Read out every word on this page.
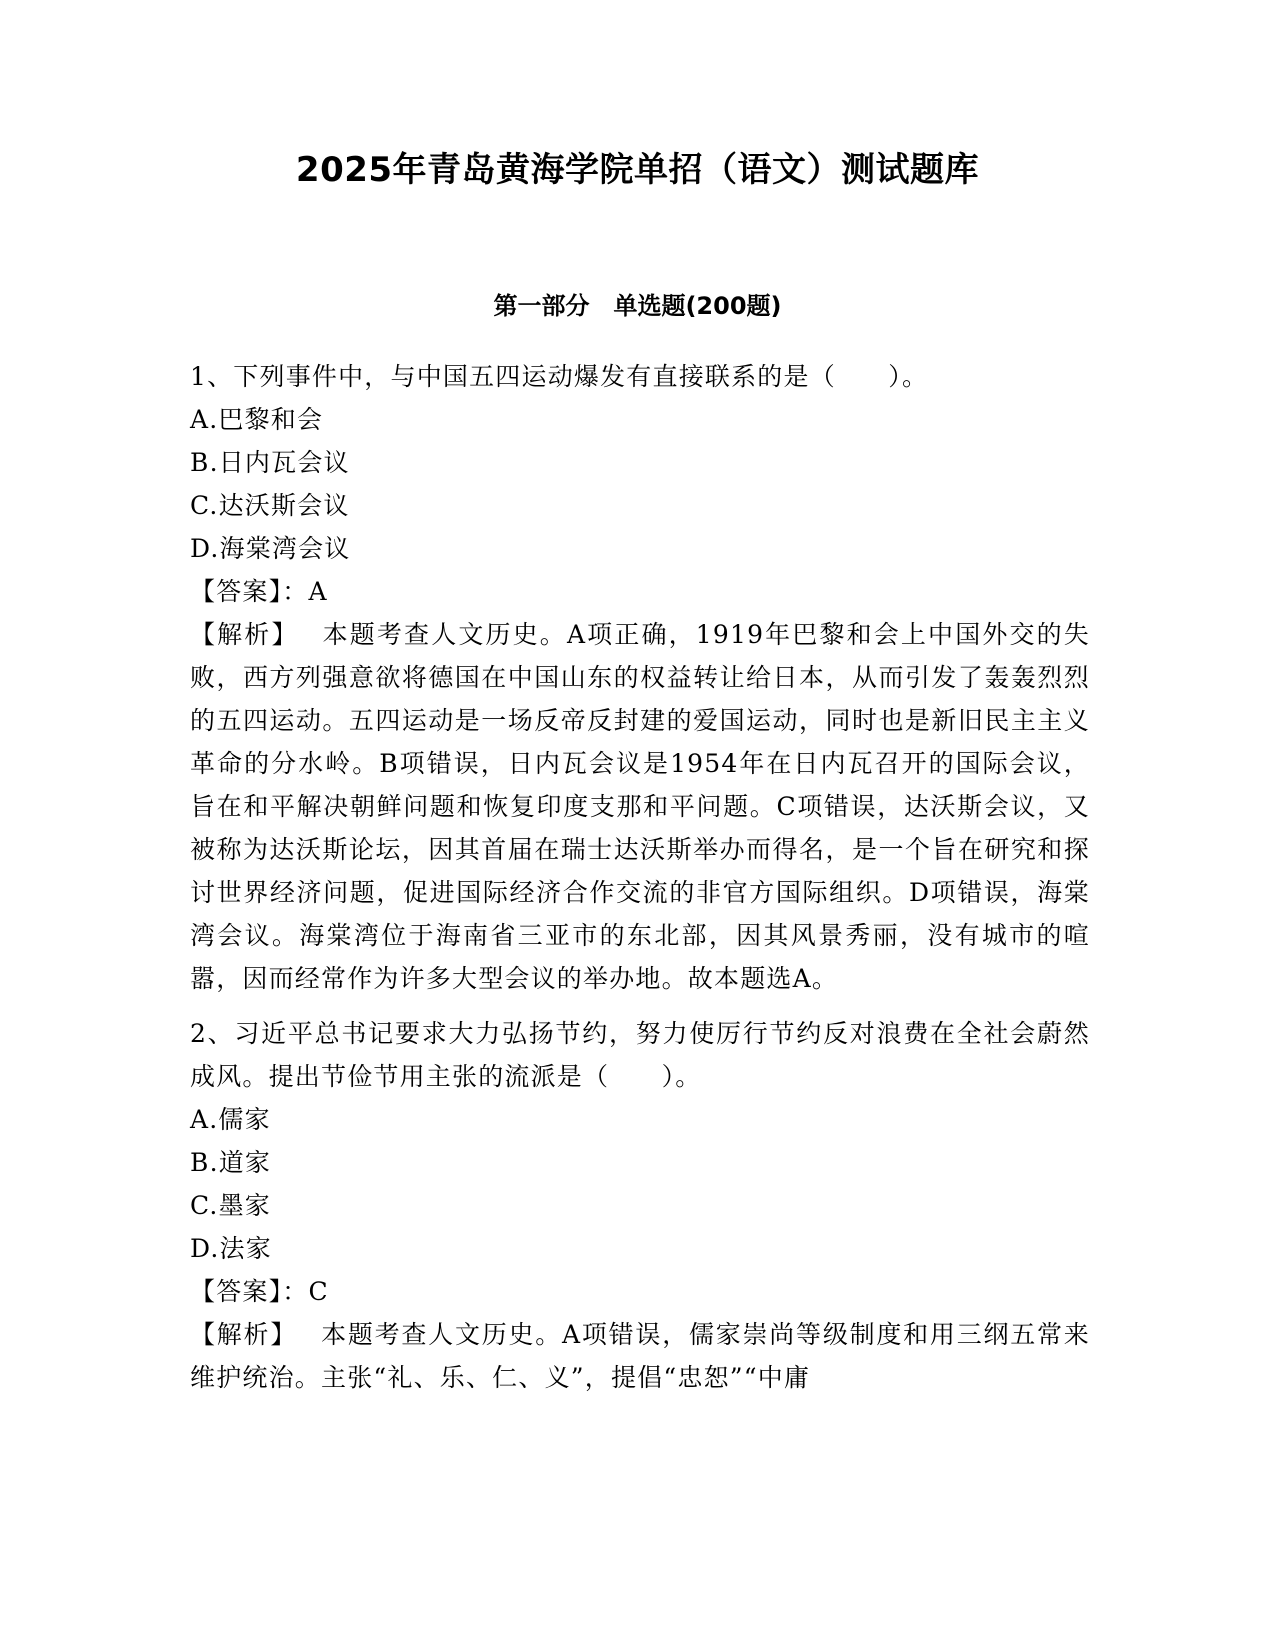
2025年青岛黄海学院单招（语文）测试题库
第一部分　单选题(200题)
1、下列事件中，与中国五四运动爆发有直接联系的是（　　）。
A.巴黎和会
B.日内瓦会议
C.达沃斯会议
D.海棠湾会议
【答案】：A

【解析】 本题考查人文历史。A项正确，1919年巴黎和会上中国外交的失败，西方列强意欲将德国在中国山东的权益转让给日本，从而引发了轰轰烈烈的五四运动。五四运动是一场反帝反封建的爱国运动，同时也是新旧民主主义革命的分水岭。B项错误，日内瓦会议是1954年在日内瓦召开的国际会议，旨在和平解决朝鲜问题和恢复印度支那和平问题。C项错误，达沃斯会议，又被称为达沃斯论坛，因其首届在瑞士达沃斯举办而得名，是一个旨在研究和探讨世界经济问题，促进国际经济合作交流的非官方国际组织。D项错误，海棠湾会议。海棠湾位于海南省三亚市的东北部，因其风景秀丽，没有城市的喧嚣，因而经常作为许多大型会议的举办地。故本题选A。

2、习近平总书记要求大力弘扬节约，努力使厉行节约反对浪费在全社会蔚然成风。提出节俭节用主张的流派是（　　）。

A.儒家
B.道家
C.墨家
D.法家
【答案】：C

【解析】 本题考查人文历史。A项错误，儒家崇尚等级制度和用三纲五常来维护统治。主张“礼、乐、仁、义”，提倡“忠恕”“中庸
